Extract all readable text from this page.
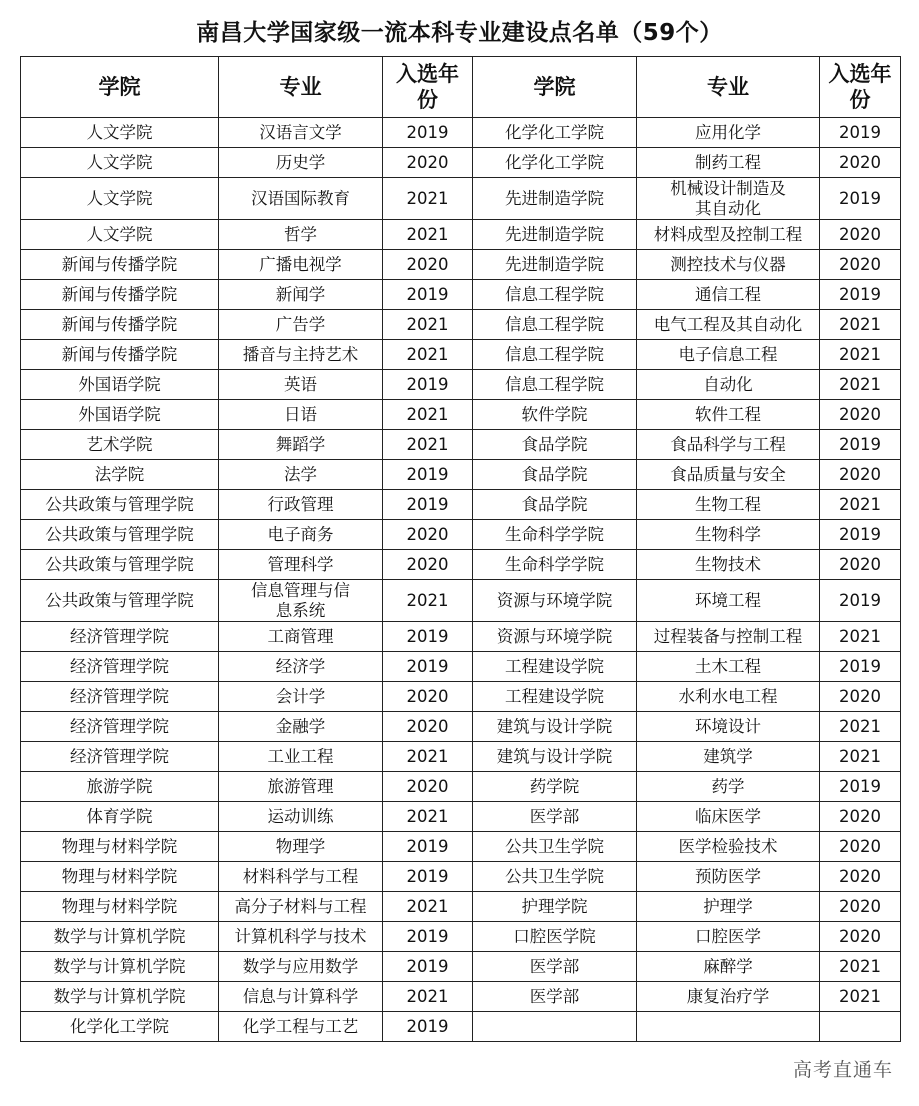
南昌大学国家级一流本科专业建设点名单（59个）
学院	专业	入选年份	学院	专业	入选年份
人文学院	汉语言文学	2019	化学化工学院	应用化学	2019
人文学院	历史学	2020	化学化工学院	制药工程	2020
人文学院	汉语国际教育	2021	先进制造学院	机械设计制造及其自动化	2019
人文学院	哲学	2021	先进制造学院	材料成型及控制工程	2020
新闻与传播学院	广播电视学	2020	先进制造学院	测控技术与仪器	2020
新闻与传播学院	新闻学	2019	信息工程学院	通信工程	2019
新闻与传播学院	广告学	2021	信息工程学院	电气工程及其自动化	2021
新闻与传播学院	播音与主持艺术	2021	信息工程学院	电子信息工程	2021
外国语学院	英语	2019	信息工程学院	自动化	2021
外国语学院	日语	2021	软件学院	软件工程	2020
艺术学院	舞蹈学	2021	食品学院	食品科学与工程	2019
法学院	法学	2019	食品学院	食品质量与安全	2020
公共政策与管理学院	行政管理	2019	食品学院	生物工程	2021
公共政策与管理学院	电子商务	2020	生命科学学院	生物科学	2019
公共政策与管理学院	管理科学	2020	生命科学学院	生物技术	2020
公共政策与管理学院	信息管理与信息系统	2021	资源与环境学院	环境工程	2019
经济管理学院	工商管理	2019	资源与环境学院	过程装备与控制工程	2021
经济管理学院	经济学	2019	工程建设学院	土木工程	2019
经济管理学院	会计学	2020	工程建设学院	水利水电工程	2020
经济管理学院	金融学	2020	建筑与设计学院	环境设计	2021
经济管理学院	工业工程	2021	建筑与设计学院	建筑学	2021
旅游学院	旅游管理	2020	药学院	药学	2019
体育学院	运动训练	2021	医学部	临床医学	2020
物理与材料学院	物理学	2019	公共卫生学院	医学检验技术	2020
物理与材料学院	材料科学与工程	2019	公共卫生学院	预防医学	2020
物理与材料学院	高分子材料与工程	2021	护理学院	护理学	2020
数学与计算机学院	计算机科学与技术	2019	口腔医学院	口腔医学	2020
数学与计算机学院	数学与应用数学	2019	医学部	麻醉学	2021
数学与计算机学院	信息与计算科学	2021	医学部	康复治疗学	2021
化学化工学院	化学工程与工艺	2019			
高考直通车
